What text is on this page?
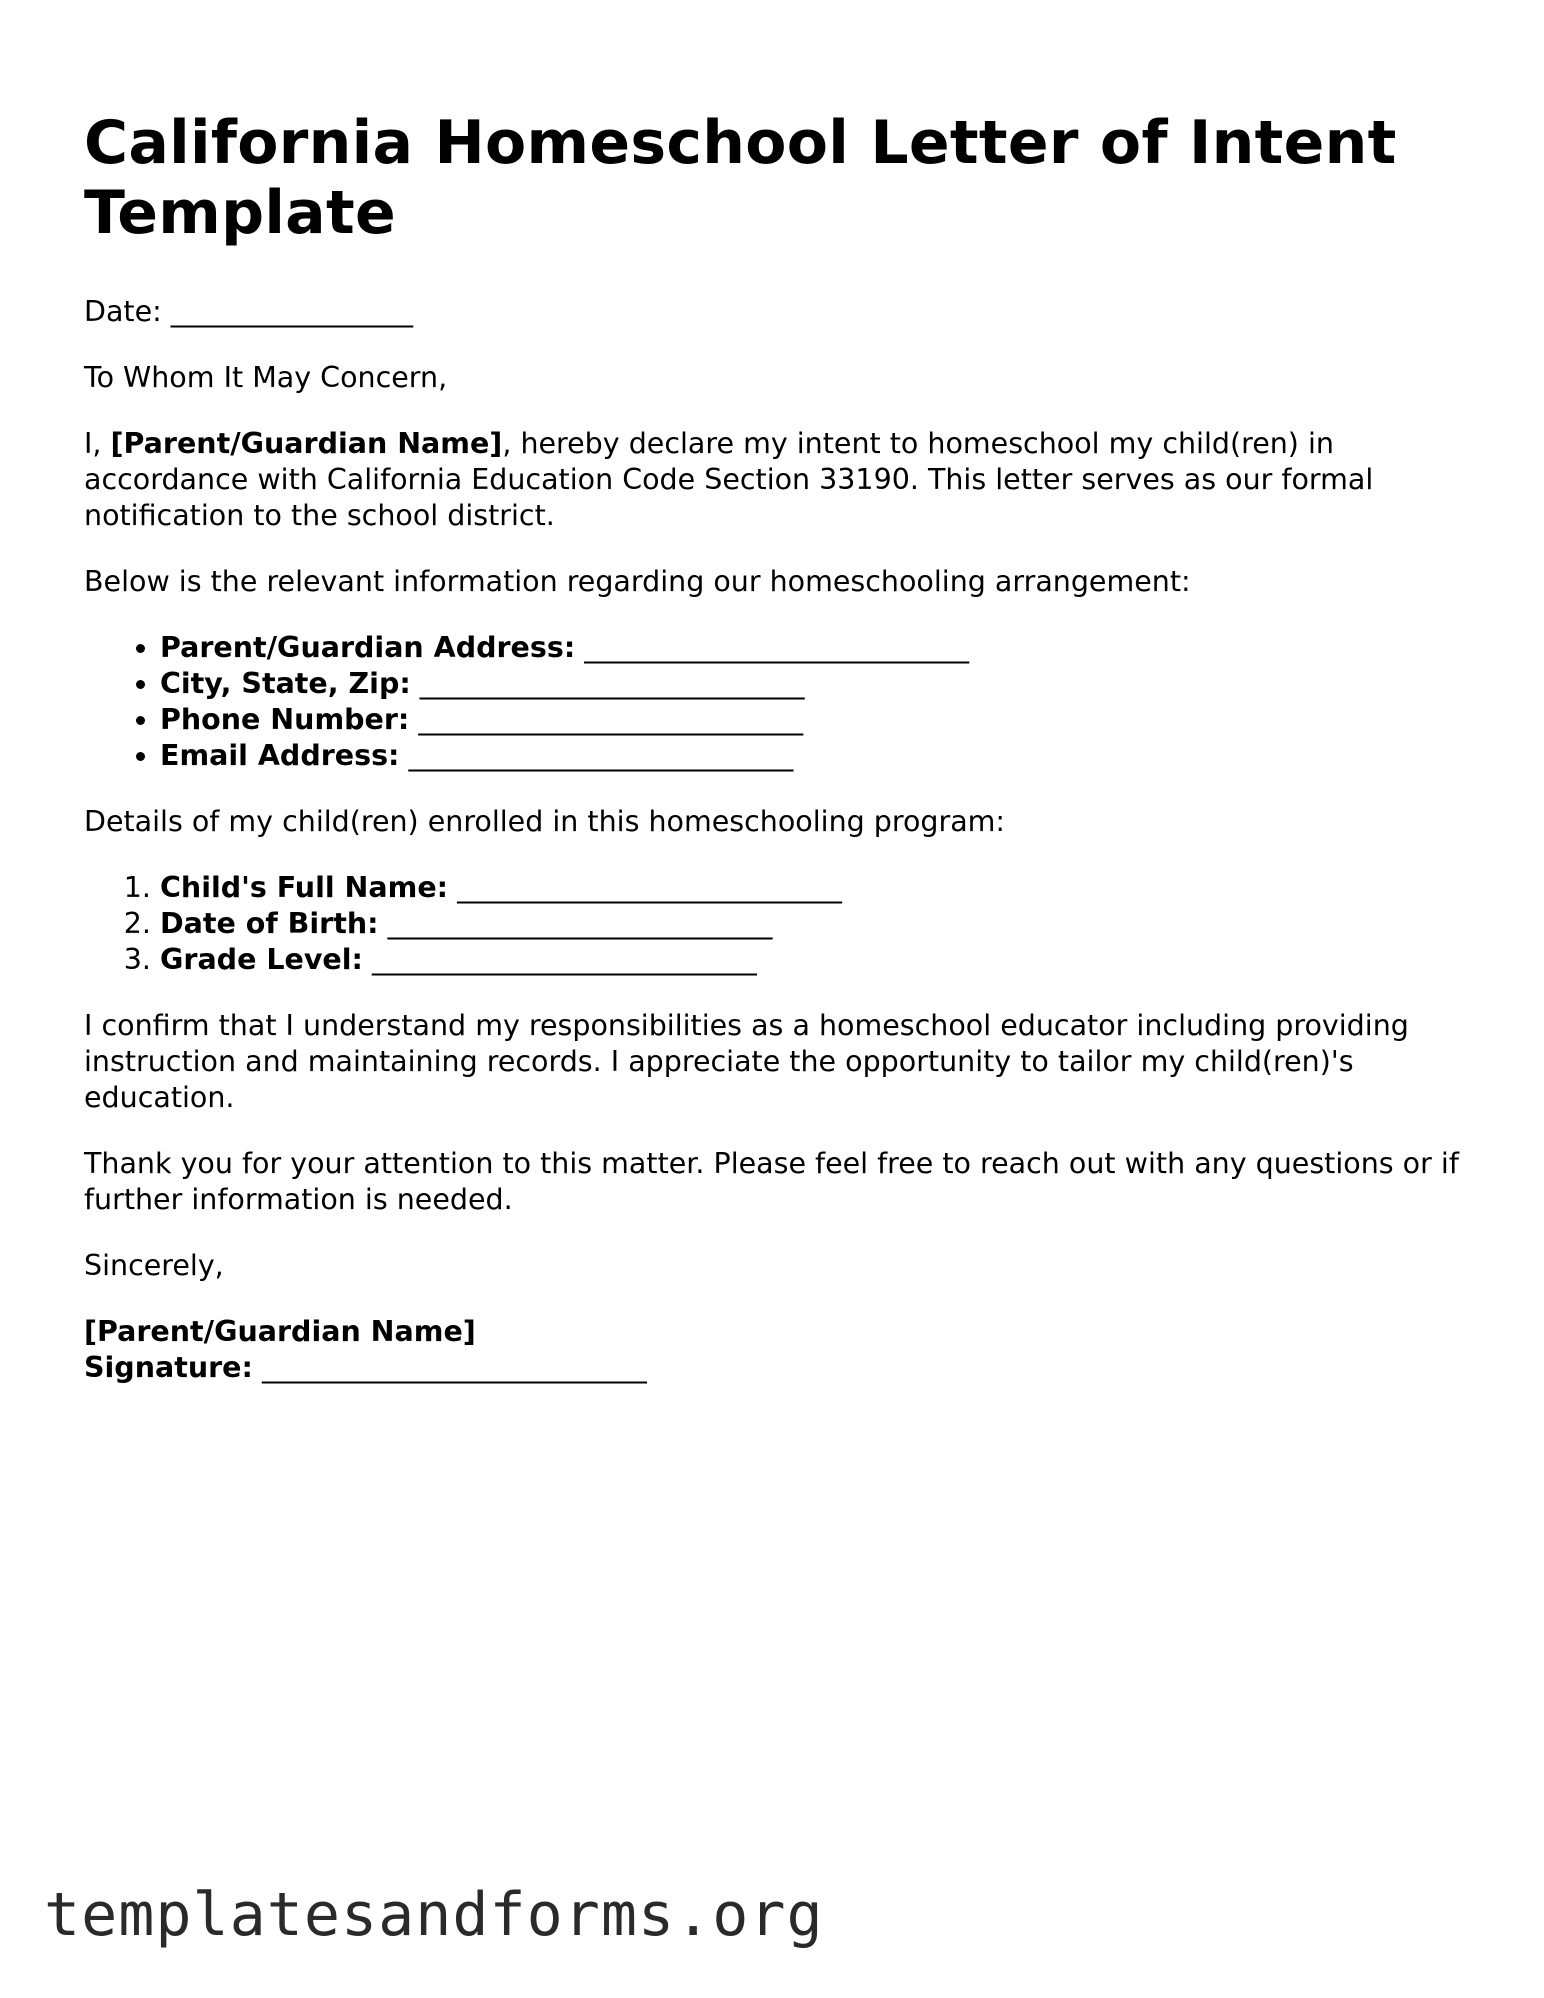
California Homeschool Letter of Intent Template

Date: _________________

To Whom It May Concern,

I, [Parent/Guardian Name], hereby declare my intent to homeschool my child(ren) in accordance with California Education Code Section 33190. This letter serves as our formal notification to the school district.

Below is the relevant information regarding our homeschooling arrangement:

• Parent/Guardian Address: ___________________________
• City, State, Zip: ___________________________
• Phone Number: ___________________________
• Email Address: ___________________________

Details of my child(ren) enrolled in this homeschooling program:

1. Child's Full Name: ___________________________
2. Date of Birth: ___________________________
3. Grade Level: ___________________________

I confirm that I understand my responsibilities as a homeschool educator including providing instruction and maintaining records. I appreciate the opportunity to tailor my child(ren)'s education.

Thank you for your attention to this matter. Please feel free to reach out with any questions or if further information is needed.

Sincerely,

[Parent/Guardian Name]
Signature: ___________________________

templatesandforms.org
